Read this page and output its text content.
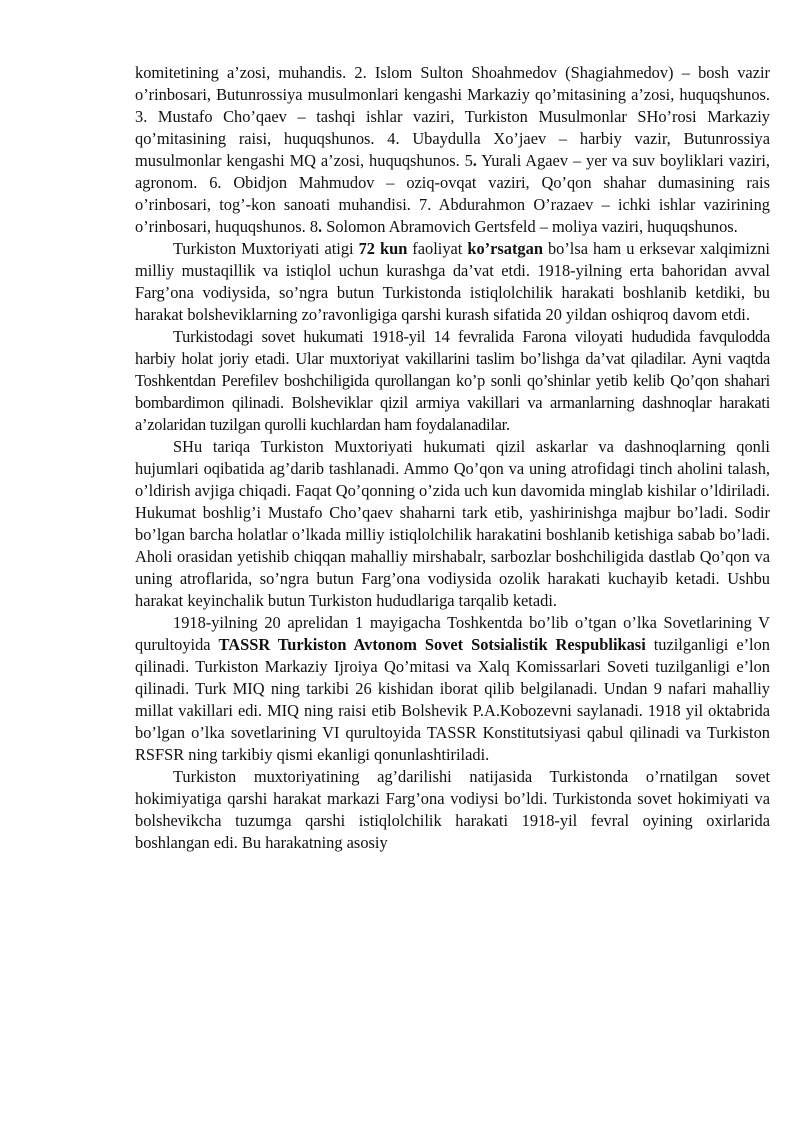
komitetining a’zosi, muhandis. 2. Islom Sulton Shoahmedov (Shagiahmedov) – bosh vazir o’rinbosari, Butunrossiya musulmonlari kengashi Markaziy qo’mitasining a’zosi, huquqshunos. 3. Mustafo Cho’qaev – tashqi ishlar vaziri, Turkiston Musulmonlar SHo’rosi Markaziy qo’mitasining raisi, huquqshunos. 4. Ubaydulla Xo’jaev – harbiy vazir, Butunrossiya musulmonlar kengashi MQ a’zosi, huquqshunos. 5. Yurali Agaev – yer va suv boyliklari vaziri, agronom. 6. Obidjon Mahmudov – oziq-ovqat vaziri, Qo’qon shahar dumasining rais o’rinbosari, tog’-kon sanoati muhandisi. 7. Abdurahmon O’razaev – ichki ishlar vazirining o’rinbosari, huquqshunos. 8. Solomon Abramovich Gertsfeld – moliya vaziri, huquqshunos.

Turkiston Muxtoriyati atigi 72 kun faoliyat ko’rsatgan bo’lsa ham u erksevar xalqimizni milliy mustaqillik va istiqlol uchun kurashga da’vat etdi. 1918-yilning erta bahoridan avval Farg’ona vodiysida, so’ngra butun Turkistonda istiqlolchilik harakati boshlanib ketdiki, bu harakat bolsheviklarning zo’ravonligiga qarshi kurash sifatida 20 yildan oshiqroq davom etdi.

Turkistodagi sovet hukumati 1918-yil 14 fevralida Farona viloyati hududida favqulodda harbiy holat joriy etadi. Ular muxtoriyat vakillarini taslim bo’lishga da’vat qiladilar. Ayni vaqtda Toshkentdan Perefilev boshchiligida qurollangan ko’p sonli qo’shinlar yetib kelib Qo’qon shahari bombardimon qilinadi. Bolsheviklar qizil armiya vakillari va armanlarning dashnoqlar harakati a’zolaridan tuzilgan qurolli kuchlardan ham foydalanadilar.

SHu tariqa Turkiston Muxtoriyati hukumati qizil askarlar va dashnoqlarning qonli hujumlari oqibatida ag’darib tashlanadi. Ammo Qo’qon va uning atrofidagi tinch aholini talash, o’ldirish avjiga chiqadi. Faqat Qo’qonning o’zida uch kun davomida minglab kishilar o’ldiriladi. Hukumat boshlig’i Mustafo Cho’qaev shaharni tark etib, yashirinishga majbur bo’ladi. Sodir bo’lgan barcha holatlar o’lkada milliy istiqlolchilik harakatini boshlanib ketishiga sabab bo’ladi. Aholi orasidan yetishib chiqqan mahalliy mirshabalr, sarbozlar boshchiligida dastlab Qo’qon va uning atroflarida, so’ngra butun Farg’ona vodiysida ozolik harakati kuchayib ketadi. Ushbu harakat keyinchalik butun Turkiston hududlariga tarqalib ketadi.

1918-yilning 20 aprelidan 1 mayigacha Toshkentda bo’lib o’tgan o’lka Sovetlarining V qurultoyida TASSR Turkiston Avtonom Sovet Sotsialistik Respublikasi tuzilganligi e’lon qilinadi. Turkiston Markaziy Ijroiya Qo’mitasi va Xalq Komissarlari Soveti tuzilganligi e’lon qilinadi. Turk MIQ ning tarkibi 26 kishidan iborat qilib belgilanadi. Undan 9 nafari mahalliy millat vakillari edi. MIQ ning raisi etib Bolshevik P.A.Kobozevni saylanadi. 1918 yil oktabrida bo’lgan o’lka sovetlarining VI qurultoyida TASSR Konstitutsiyasi qabul qilinadi va Turkiston RSFSR ning tarkibiy qismi ekanligi qonunlashtiriladi.

Turkiston muxtoriyatining ag’darilishi natijasida Turkistonda o’rnatilgan sovet hokimiyatiga qarshi harakat markazi Farg’ona vodiysi bo’ldi. Turkistonda sovet hokimiyati va bolshevikcha tuzumga qarshi istiqlolchilik harakati 1918-yil fevral oyining oxirlarida boshlangan edi. Bu harakatning asosiy
